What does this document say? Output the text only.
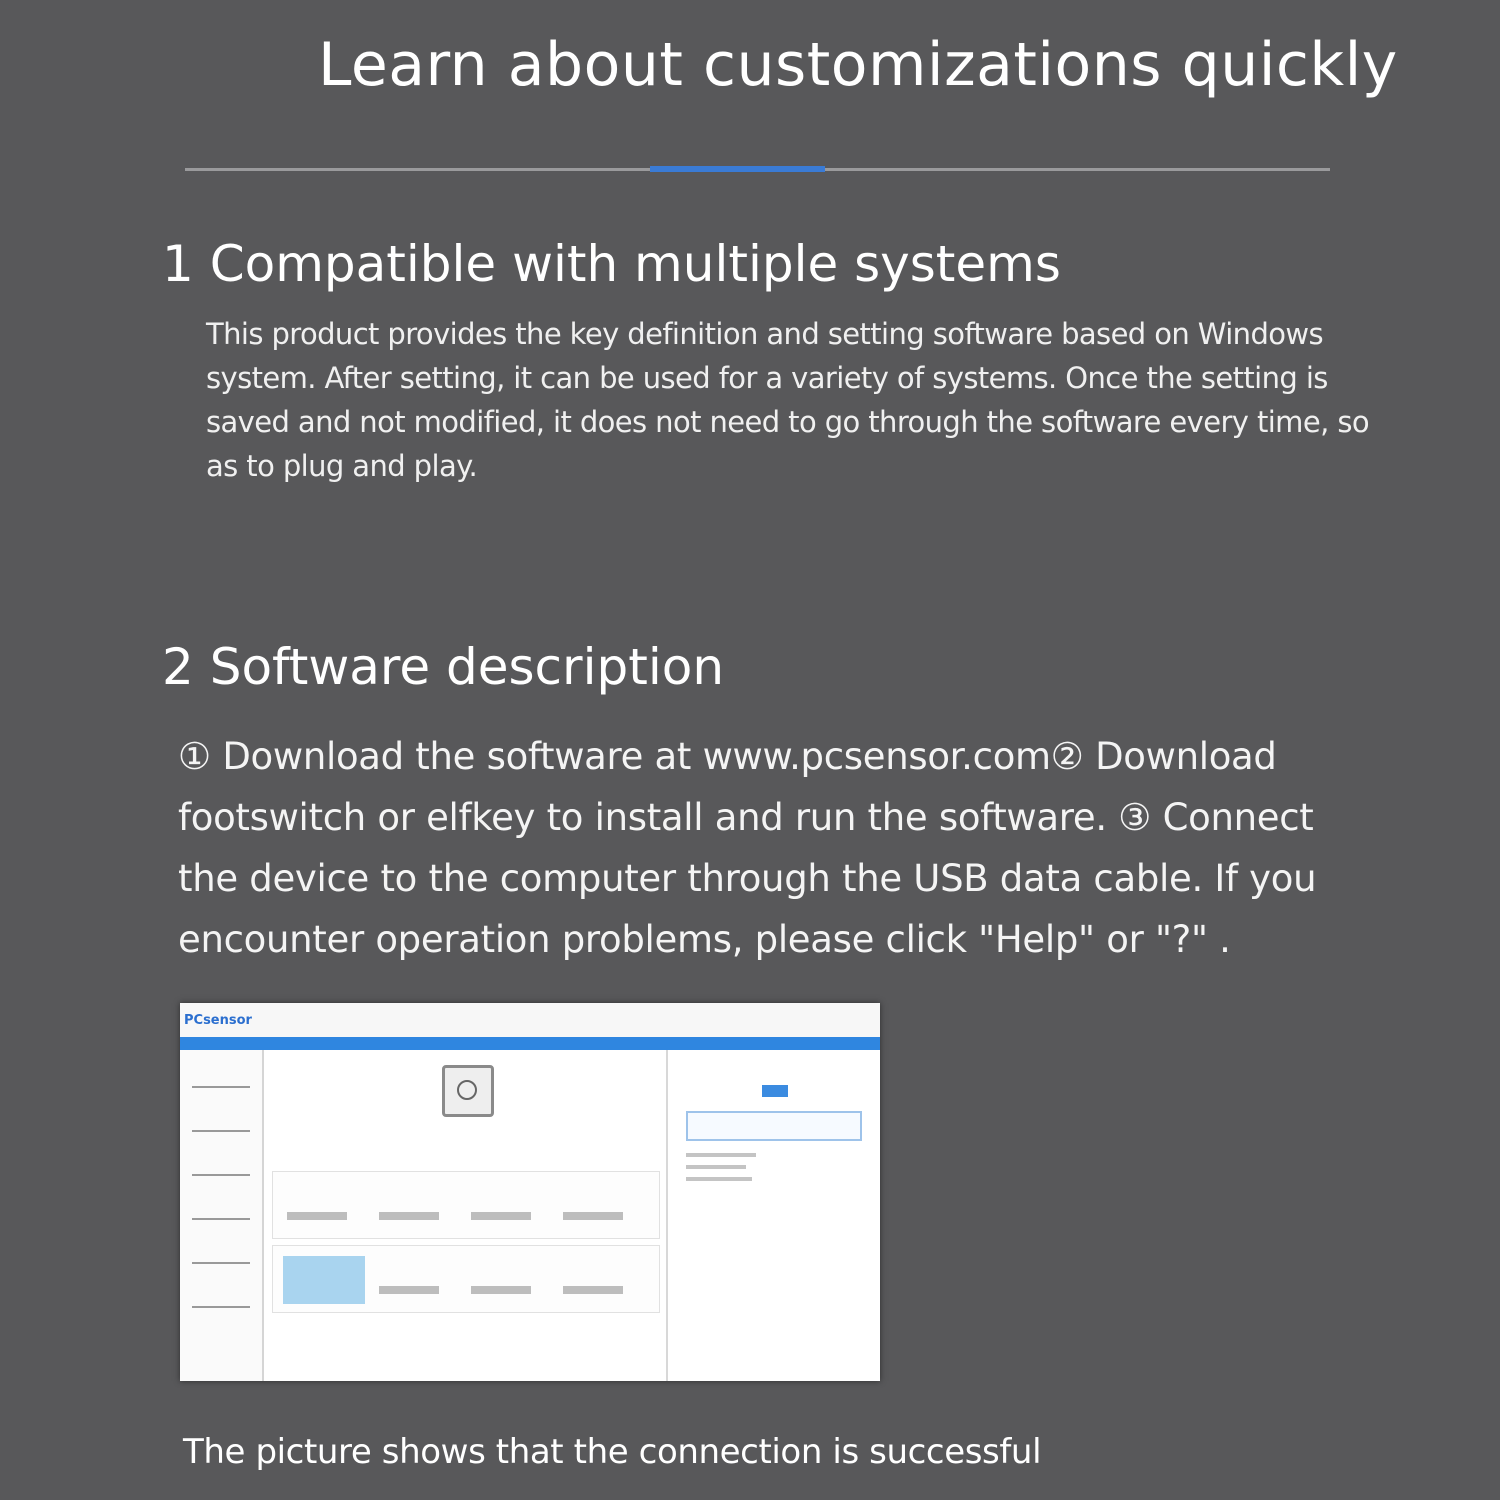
Learn about customizations quickly
1 Compatible with multiple systems
This product provides the key definition and setting software based on Windows system. After setting, it can be used for a variety of systems. Once the setting is saved and not modified, it does not need to go through the software every time, so as to plug and play.
2 Software description
① Download the software at www.pcsensor.com② Download footswitch or elfkey to install and run the software. ③ Connect the device to the computer through the USB data cable. If you encounter operation problems, please click "Help" or "?" .
PCsensor
The picture shows that the connection is successful
